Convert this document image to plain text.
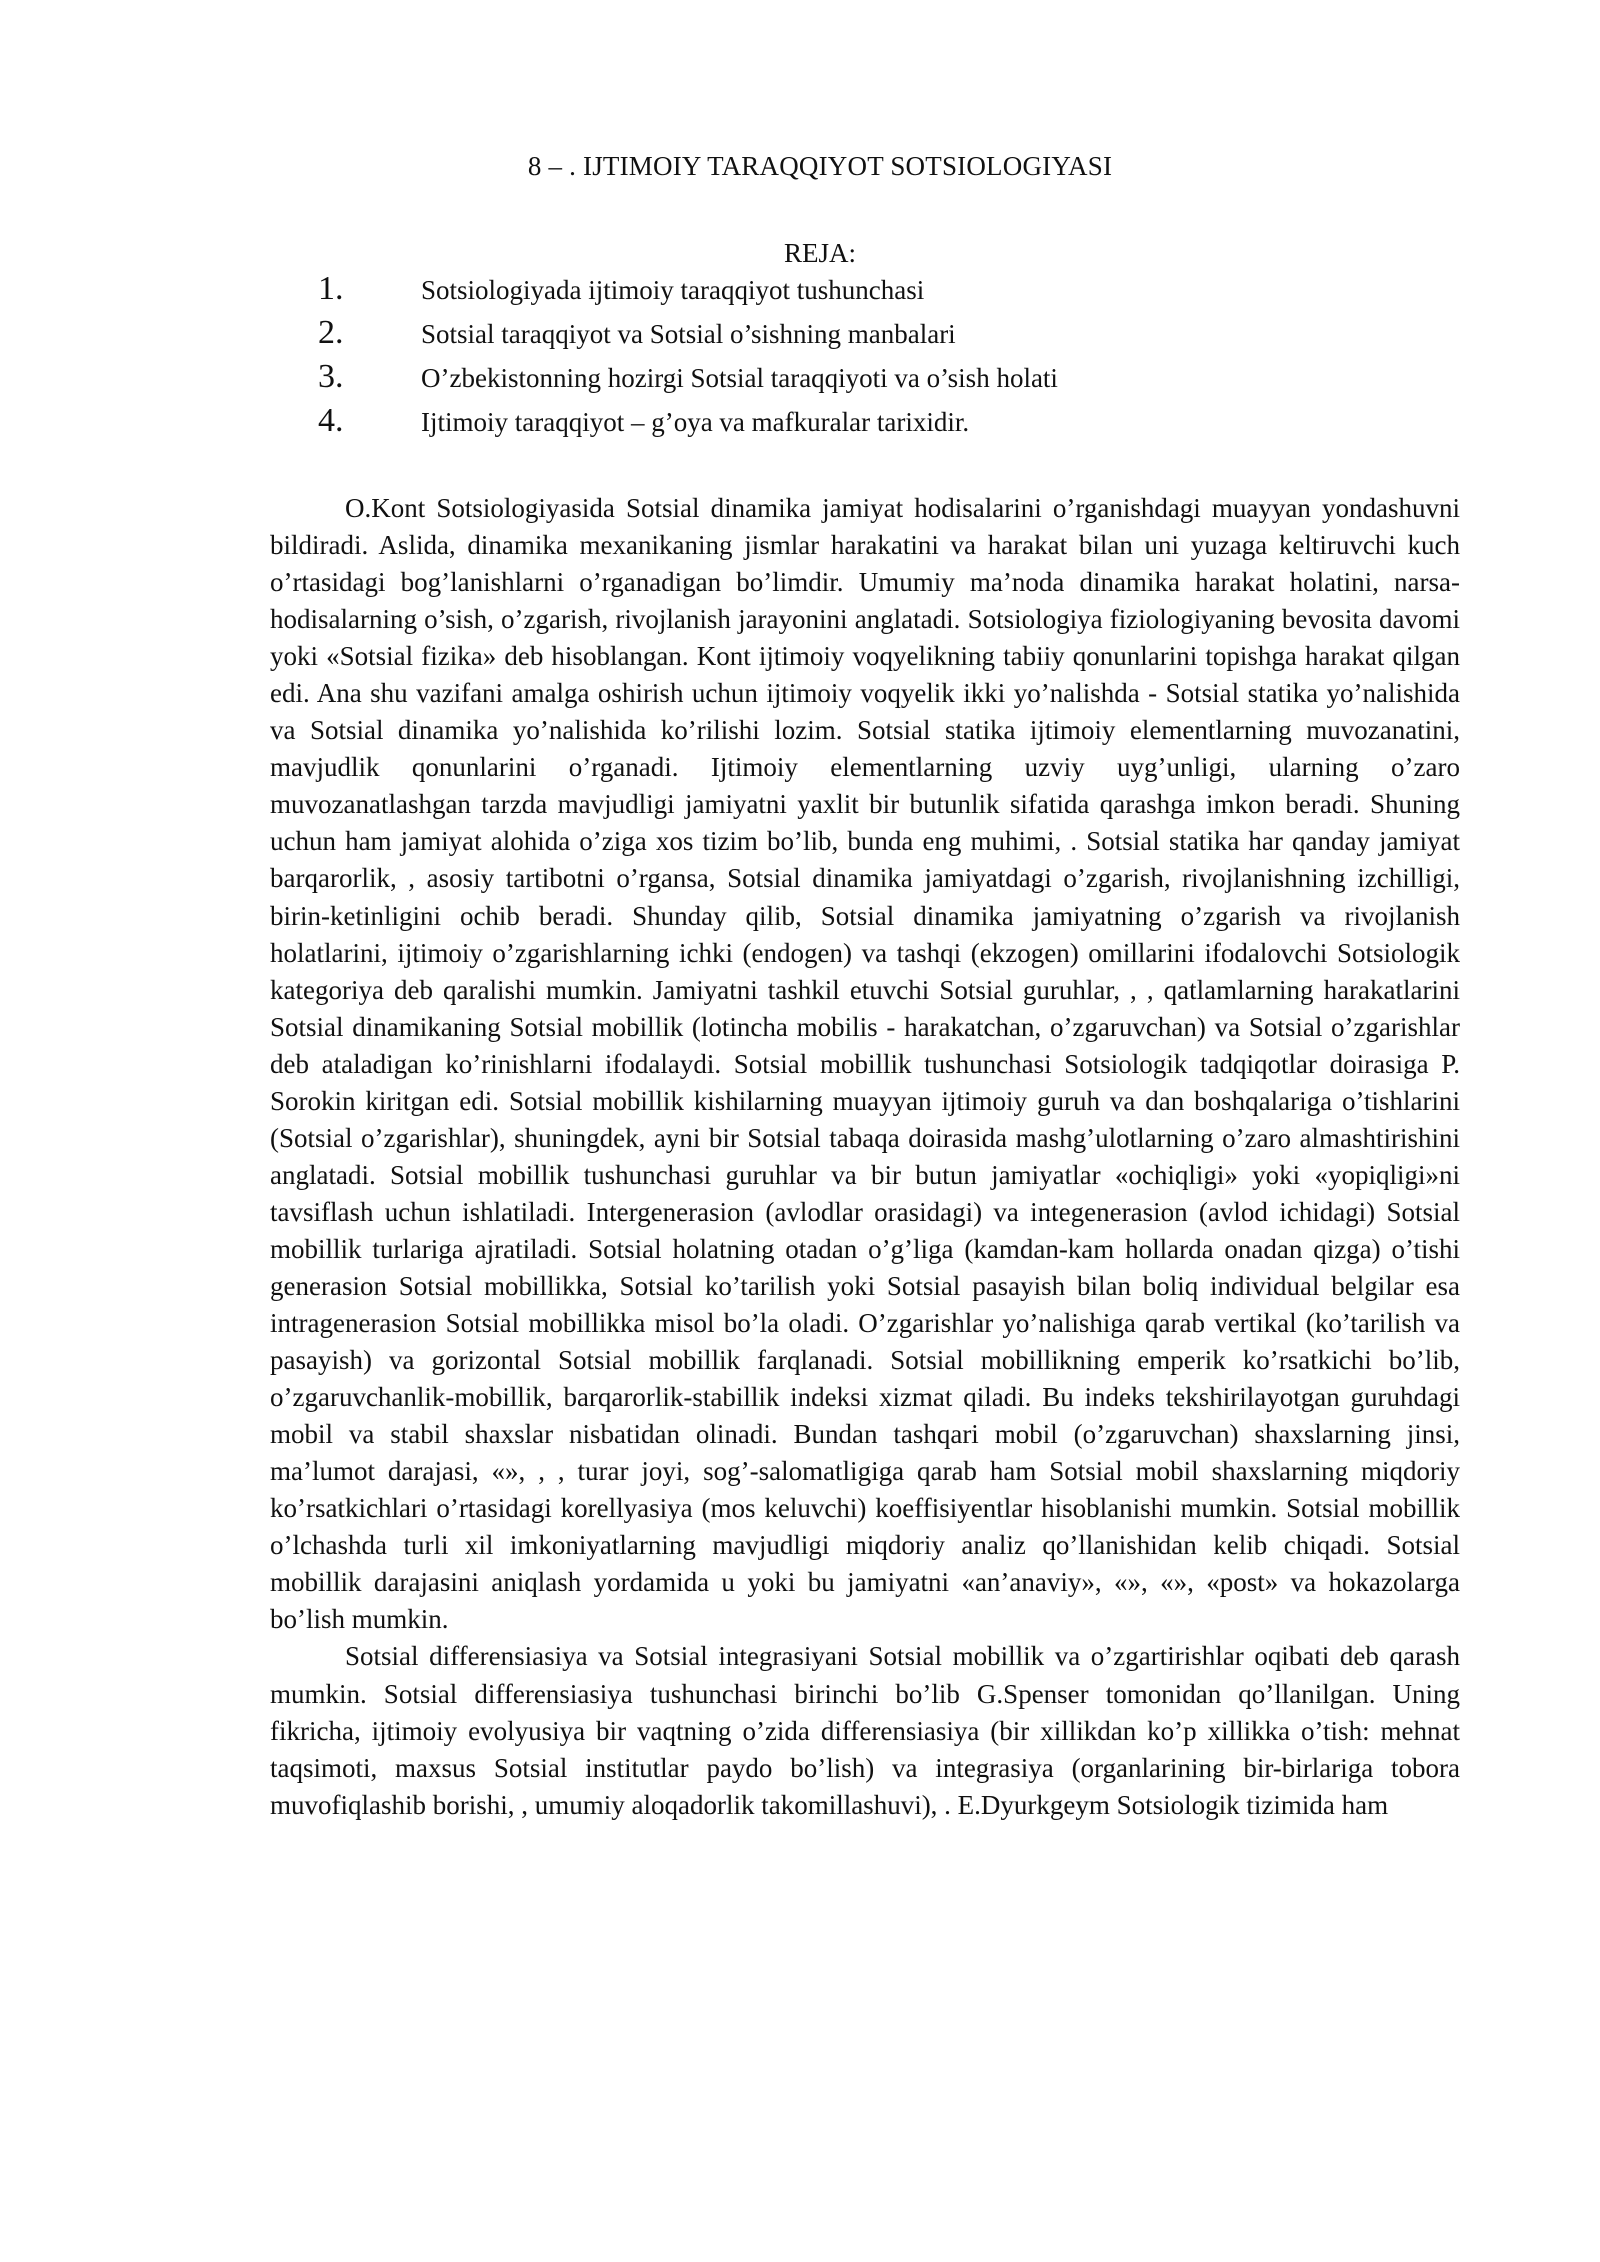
8 – . IJTIMOIY TARAQQIYOT SOTSIOLOGIYASI
REJA:
1.	Sotsiologiyada ijtimoiy taraqqiyot tushunchasi
2.	Sotsial taraqqiyot va Sotsial o’sishning manbalari
3.	O’zbekistonning hozirgi Sotsial taraqqiyoti va o’sish holati
4.	Ijtimoiy taraqqiyot – g’oya va mafkuralar tarixidir.

O.Kont Sotsiologiyasida Sotsial dinamika jamiyat hodisalarini o’rganishdagi muayyan yondashuvni bildiradi. Aslida, dinamika mexanikaning jismlar harakatini va harakat bilan uni yuzaga keltiruvchi kuch o’rtasidagi bog’lanishlarni o’rganadigan bo’limdir. Umumiy ma’noda dinamika harakat holatini, narsa-hodisalarning o’sish, o’zgarish, rivojlanish jarayonini anglatadi. Sotsiologiya fiziologiyaning bevosita davomi yoki «Sotsial fizika» deb hisoblangan. Kont ijtimoiy voqyelikning tabiiy qonunlarini topishga harakat qilgan edi. Ana shu vazifani amalga oshirish uchun ijtimoiy voqyelik ikki yo’nalishda - Sotsial statika yo’nalishida va Sotsial dinamika yo’nalishida ko’rilishi lozim. Sotsial statika ijtimoiy elementlarning muvozanatini, mavjudlik qonunlarini o’rganadi. Ijtimoiy elementlarning uzviy uyg’unligi, ularning o’zaro muvozanatlashgan tarzda mavjudligi jamiyatni yaxlit bir butunlik sifatida qarashga imkon beradi. Shuning uchun ham jamiyat alohida o’ziga xos tizim bo’lib, bunda eng muhimi, . Sotsial statika har qanday jamiyat barqarorlik, , asosiy tartibotni o’rgansa, Sotsial dinamika jamiyatdagi o’zgarish, rivojlanishning izchilligi, birin-ketinligini ochib beradi. Shunday qilib, Sotsial dinamika jamiyatning o’zgarish va rivojlanish holatlarini, ijtimoiy o’zgarishlarning ichki (endogen) va tashqi (ekzogen) omillarini ifodalovchi Sotsiologik kategoriya deb qaralishi mumkin. Jamiyatni tashkil etuvchi Sotsial guruhlar, , , qatlamlarning harakatlarini Sotsial dinamikaning Sotsial mobillik (lotincha mobilis - harakatchan, o’zgaruvchan) va Sotsial o’zgarishlar deb ataladigan ko’rinishlarni ifodalaydi. Sotsial mobillik tushunchasi Sotsiologik tadqiqotlar doirasiga P. Sorokin kiritgan edi. Sotsial mobillik kishilarning muayyan ijtimoiy guruh va dan boshqalariga o’tishlarini (Sotsial o’zgarishlar), shuningdek, ayni bir Sotsial tabaqa doirasida mashg’ulotlarning o’zaro almashtirishini anglatadi. Sotsial mobillik tushunchasi guruhlar va bir butun jamiyatlar «ochiqligi» yoki «yopiqligi»ni tavsiflash uchun ishlatiladi. Intergenerasion (avlodlar orasidagi) va integenerasion (avlod ichidagi) Sotsial mobillik turlariga ajratiladi. Sotsial holatning otadan o’g’liga (kamdan-kam hollarda onadan qizga) o’tishi generasion Sotsial mobillikka, Sotsial ko’tarilish yoki Sotsial pasayish bilan boliq individual belgilar esa intragenerasion Sotsial mobillikka misol bo’la oladi. O’zgarishlar yo’nalishiga qarab vertikal (ko’tarilish va pasayish) va gorizontal Sotsial mobillik farqlanadi. Sotsial mobillikning emperik ko’rsatkichi bo’lib, o’zgaruvchanlik-mobillik, barqarorlik-stabillik indeksi xizmat qiladi. Bu indeks tekshirilayotgan guruhdagi mobil va stabil shaxslar nisbatidan olinadi. Bundan tashqari mobil (o’zgaruvchan) shaxslarning jinsi, ma’lumot darajasi, «», , , turar joyi, sog’-salomatligiga qarab ham Sotsial mobil shaxslarning miqdoriy ko’rsatkichlari o’rtasidagi korellyasiya (mos keluvchi) koeffisiyentlar hisoblanishi mumkin. Sotsial mobillik o’lchashda turli xil imkoniyatlarning mavjudligi miqdoriy analiz qo’llanishidan kelib chiqadi. Sotsial mobillik darajasini aniqlash yordamida u yoki bu jamiyatni «an’anaviy», «», «», «post» va hokazolarga bo’lish mumkin.

Sotsial differensiasiya va Sotsial integrasiyani Sotsial mobillik va o’zgartirishlar oqibati deb qarash mumkin. Sotsial differensiasiya tushunchasi birinchi bo’lib G.Spenser tomonidan qo’llanilgan. Uning fikricha, ijtimoiy evolyusiya bir vaqtning o’zida differensiasiya (bir xillikdan ko’p xillikka o’tish: mehnat taqsimoti, maxsus Sotsial institutlar paydo bo’lish) va integrasiya (organlarining bir-birlariga tobora muvofiqlashib borishi, , umumiy aloqadorlik takomillashuvi), . E.Dyurkgeym Sotsiologik tizimida ham
